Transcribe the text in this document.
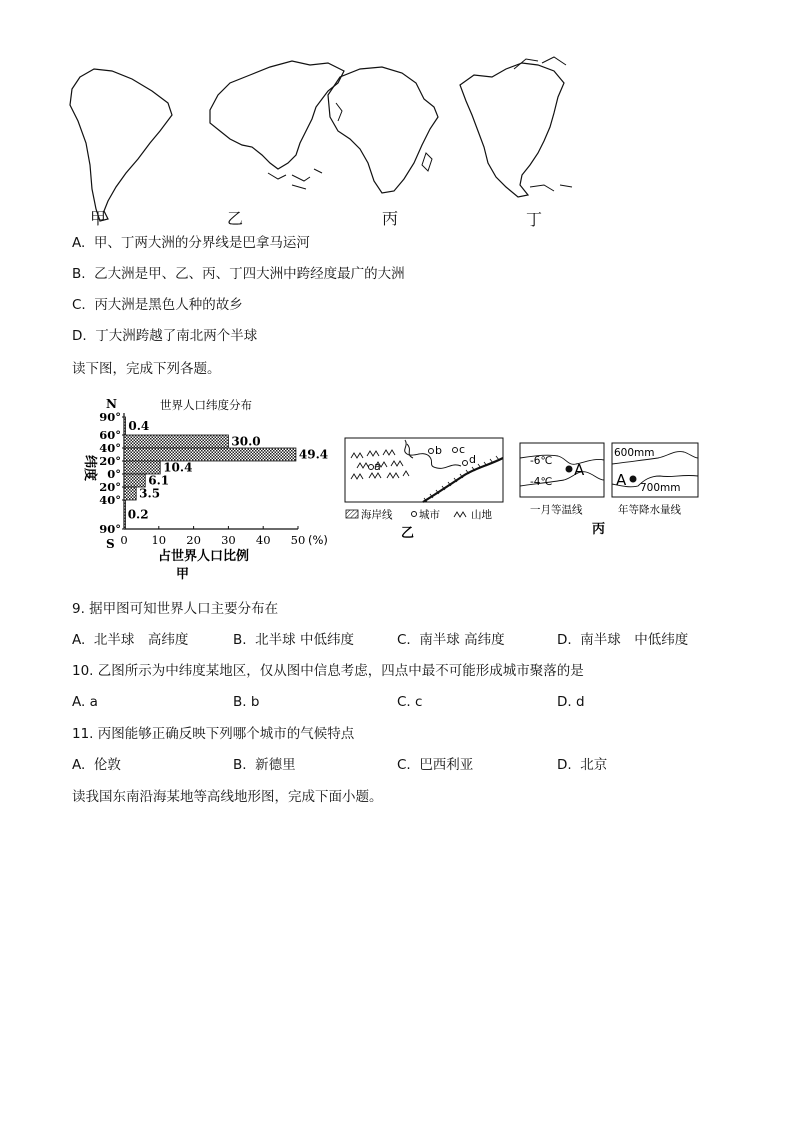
甲	乙	丙	丁
A. 甲、丁两大洲的分界线是巴拿马运河
B. 乙大洲是甲、乙、丙、丁四大洲中跨经度最广的大洲
C. 丙大洲是黑色人种的故乡
D. 丁大洲跨越了南北两个半球
读下图，完成下列各题。
世界人口纬度分布
N
S
纬度
占世界人口比例
甲
(%)
90°
60°
40°
20°
0°
20°
40°
90°
0 10 20 30 40 50
0.4
30.0
49.4
10.4
6.1
3.5
0.2
a
b c
d
海岸线	城市	山地
乙
-6℃
-4℃
A
一月等温线
600mm
700mm
A
年等降水量线
丙
9. 据甲图可知世界人口主要分布在
A. 北半球　高纬度	B. 北半球 中低纬度	C. 南半球 高纬度	D. 南半球　中低纬度
10. 乙图所示为中纬度某地区，仅从图中信息考虑，四点中最不可能形成城市聚落的是
A. a	B. b	C. c	D. d
11. 丙图能够正确反映下列哪个城市的气候特点
A. 伦敦	B. 新德里	C. 巴西利亚	D. 北京
读我国东南沿海某地等高线地形图，完成下面小题。
